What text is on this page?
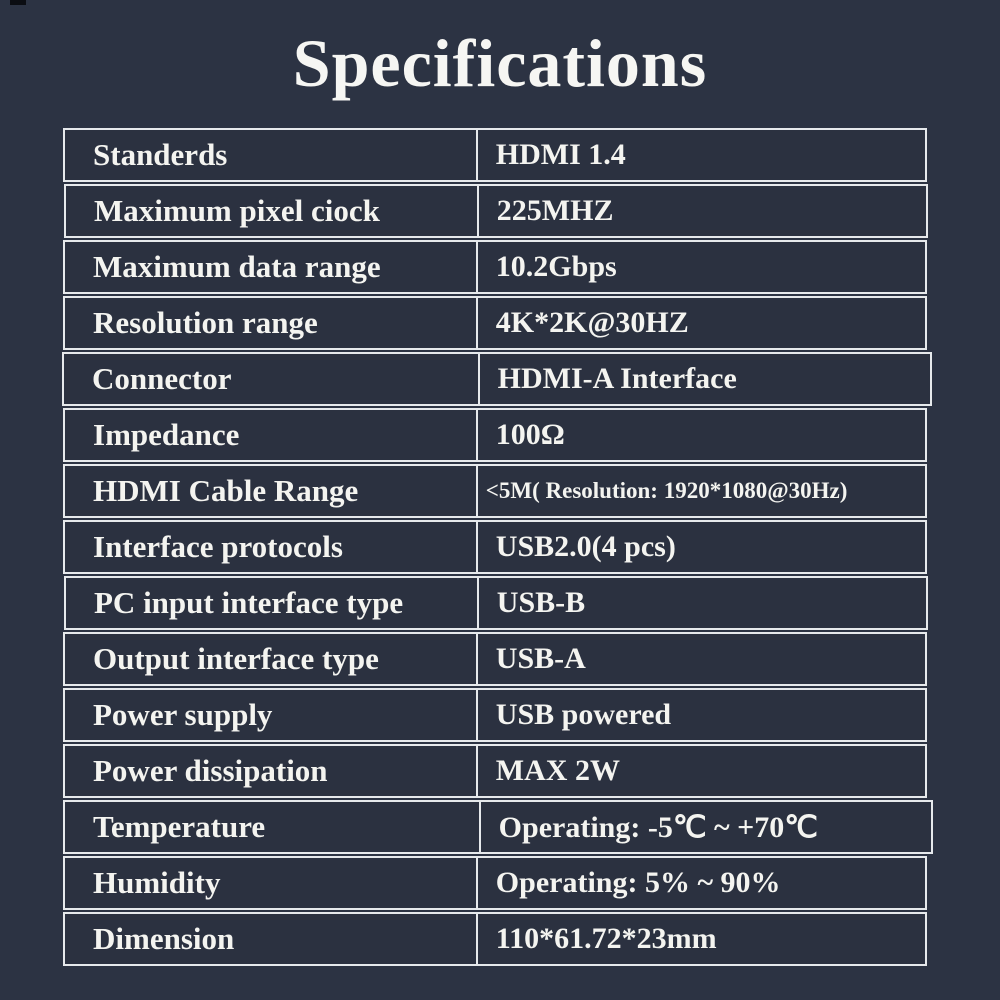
Specifications
Standerds	HDMI 1.4
Maximum pixel ciock	225MHZ
Maximum data range	10.2Gbps
Resolution range	4K*2K@30HZ
Connector	HDMI-A Interface
Impedance	100Ω
HDMI Cable Range	<5M( Resolution: 1920*1080@30Hz)
Interface protocols	USB2.0(4 pcs)
PC input interface type	USB-B
Output interface type	USB-A
Power supply	USB powered
Power dissipation	MAX 2W
Temperature	Operating: -5℃ ~ +70℃
Humidity	Operating: 5% ~ 90%
Dimension	110*61.72*23mm
